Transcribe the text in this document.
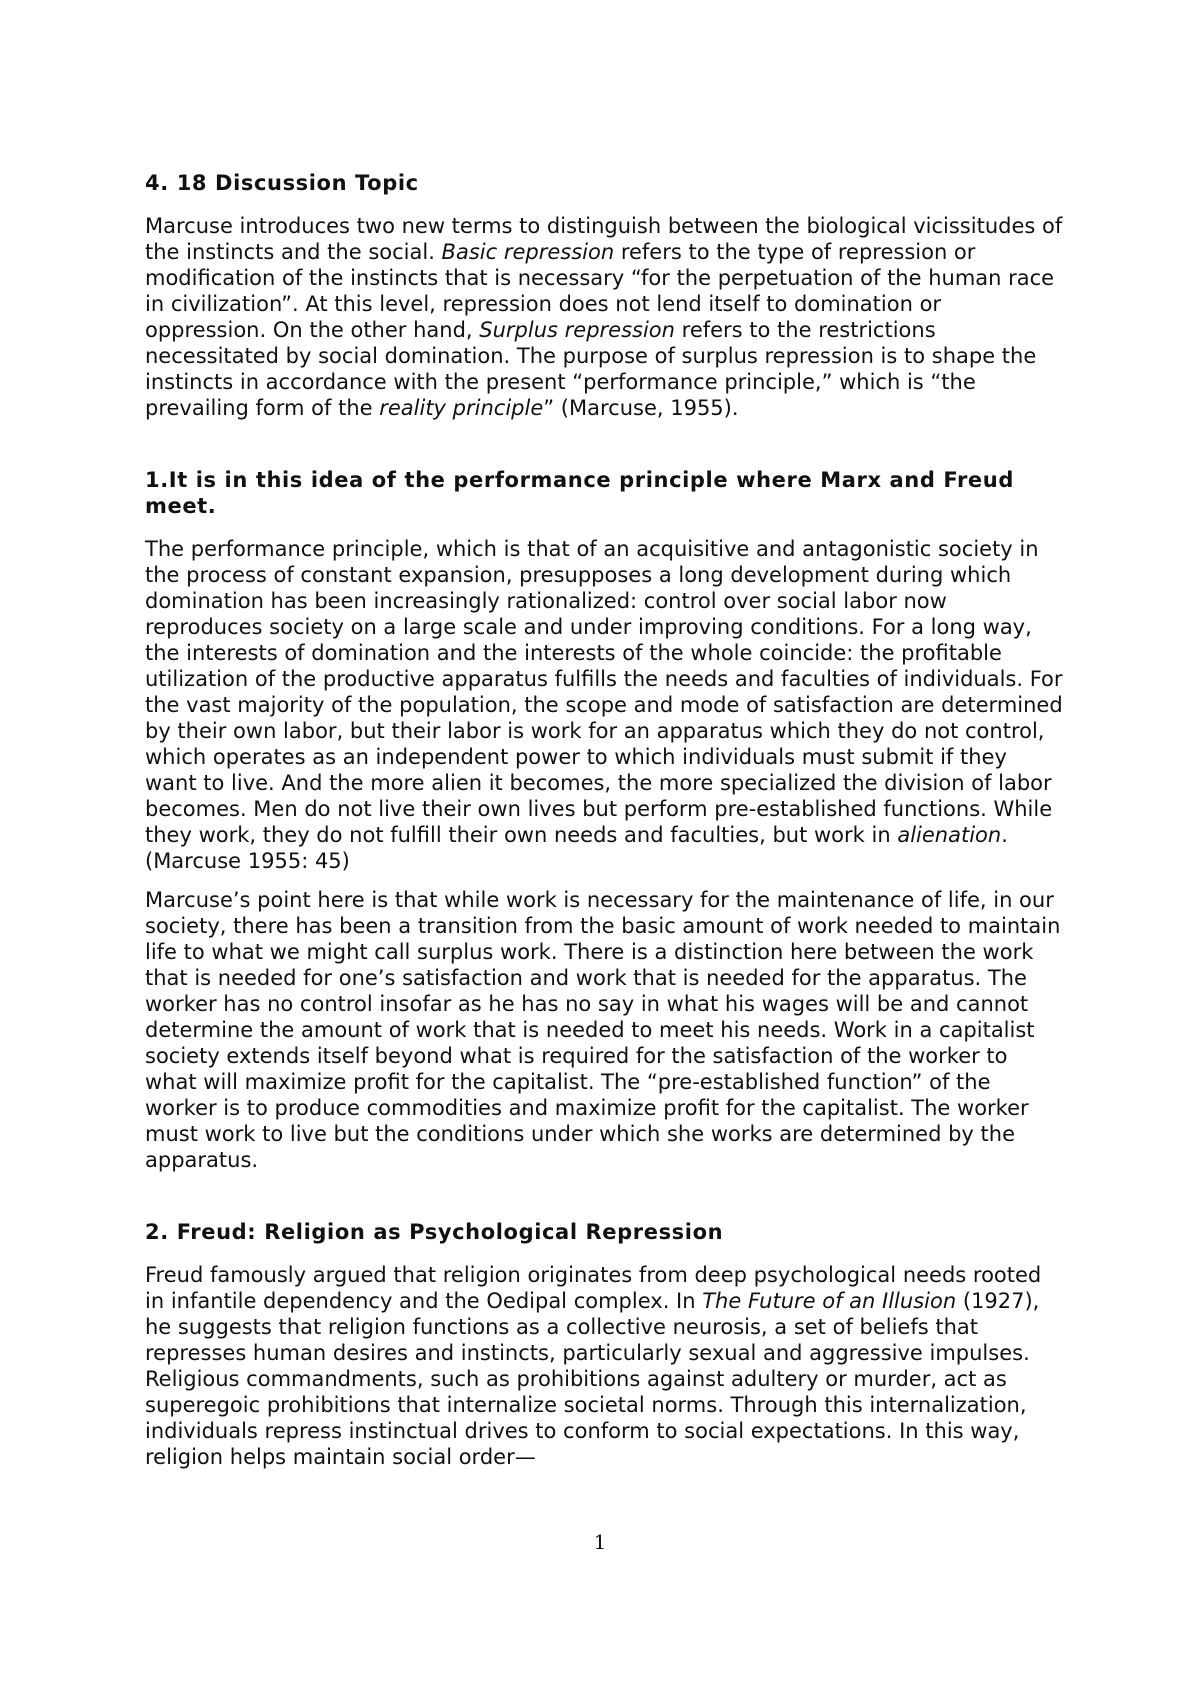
4. 18 Discussion Topic

Marcuse introduces two new terms to distinguish between the biological vicissitudes of the instincts and the social. Basic repression refers to the type of repression or modification of the instincts that is necessary “for the perpetuation of the human race in civilization”. At this level, repression does not lend itself to domination or oppression. On the other hand, Surplus repression refers to the restrictions necessitated by social domination. The purpose of surplus repression is to shape the instincts in accordance with the present “performance principle,” which is “the prevailing form of the reality principle” (Marcuse, 1955).

1.It is in this idea of the performance principle where Marx and Freud meet.

The performance principle, which is that of an acquisitive and antagonistic society in the process of constant expansion, presupposes a long development during which domination has been increasingly rationalized: control over social labor now reproduces society on a large scale and under improving conditions. For a long way, the interests of domination and the interests of the whole coincide: the profitable utilization of the productive apparatus fulfills the needs and faculties of individuals. For the vast majority of the population, the scope and mode of satisfaction are determined by their own labor, but their labor is work for an apparatus which they do not control, which operates as an independent power to which individuals must submit if they want to live. And the more alien it becomes, the more specialized the division of labor becomes. Men do not live their own lives but perform pre-established functions. While they work, they do not fulfill their own needs and faculties, but work in alienation. (Marcuse 1955: 45)

Marcuse’s point here is that while work is necessary for the maintenance of life, in our society, there has been a transition from the basic amount of work needed to maintain life to what we might call surplus work. There is a distinction here between the work that is needed for one’s satisfaction and work that is needed for the apparatus. The worker has no control insofar as he has no say in what his wages will be and cannot determine the amount of work that is needed to meet his needs. Work in a capitalist society extends itself beyond what is required for the satisfaction of the worker to what will maximize profit for the capitalist. The “pre-established function” of the worker is to produce commodities and maximize profit for the capitalist. The worker must work to live but the conditions under which she works are determined by the apparatus.

2. Freud: Religion as Psychological Repression

Freud famously argued that religion originates from deep psychological needs rooted in infantile dependency and the Oedipal complex. In The Future of an Illusion (1927), he suggests that religion functions as a collective neurosis, a set of beliefs that represses human desires and instincts, particularly sexual and aggressive impulses. Religious commandments, such as prohibitions against adultery or murder, act as superegoic prohibitions that internalize societal norms. Through this internalization, individuals repress instinctual drives to conform to social expectations. In this way, religion helps maintain social order—

1
